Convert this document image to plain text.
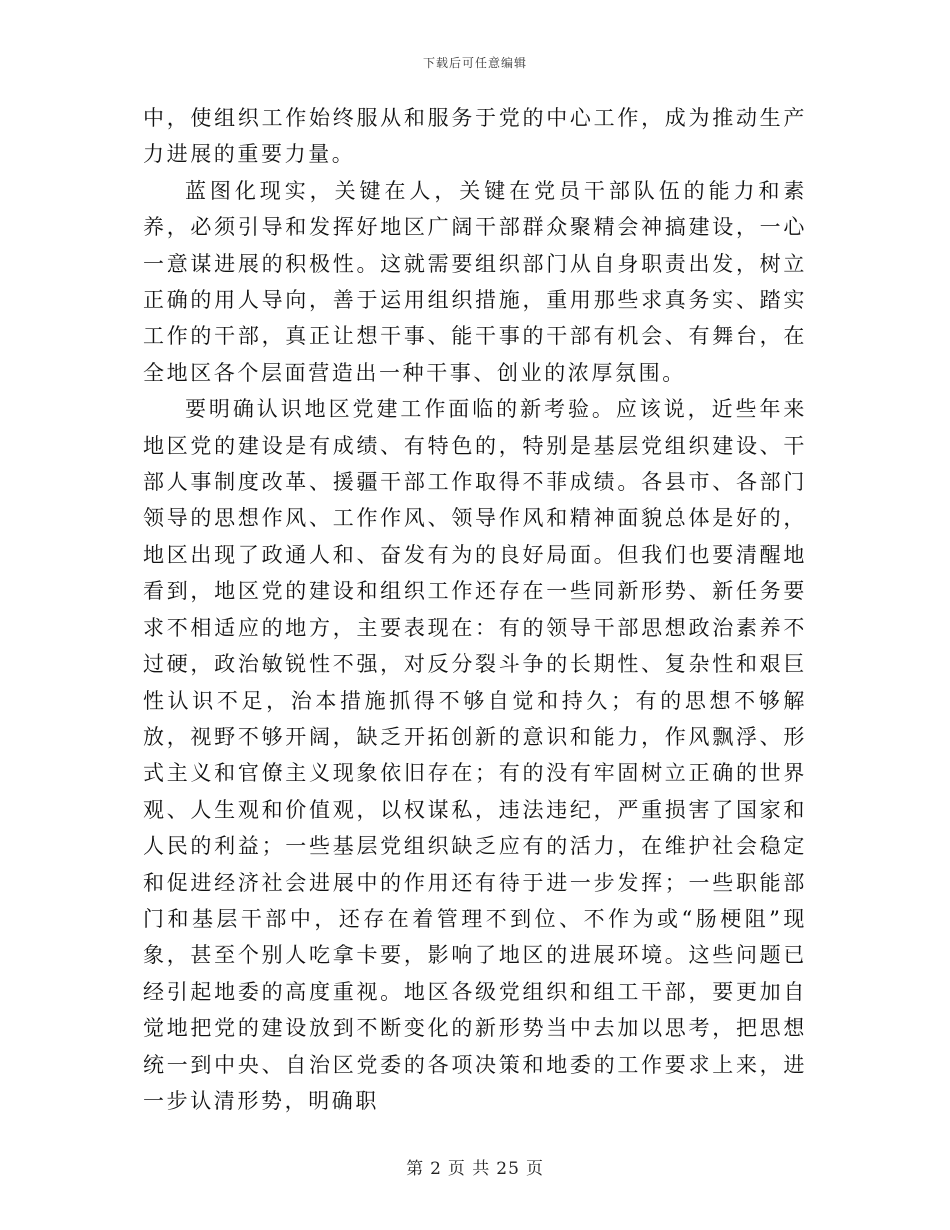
下载后可任意编辑

中，使组织工作始终服从和服务于党的中心工作，成为推动生产力进展的重要力量。

蓝图化现实，关键在人，关键在党员干部队伍的能力和素养，必须引导和发挥好地区广阔干部群众聚精会神搞建设，一心一意谋进展的积极性。这就需要组织部门从自身职责出发，树立正确的用人导向，善于运用组织措施，重用那些求真务实、踏实工作的干部，真正让想干事、能干事的干部有机会、有舞台，在全地区各个层面营造出一种干事、创业的浓厚氛围。

要明确认识地区党建工作面临的新考验。应该说，近些年来地区党的建设是有成绩、有特色的，特别是基层党组织建设、干部人事制度改革、援疆干部工作取得不菲成绩。各县市、各部门领导的思想作风、工作作风、领导作风和精神面貌总体是好的，地区出现了政通人和、奋发有为的良好局面。但我们也要清醒地看到，地区党的建设和组织工作还存在一些同新形势、新任务要求不相适应的地方，主要表现在：有的领导干部思想政治素养不过硬，政治敏锐性不强，对反分裂斗争的长期性、复杂性和艰巨性认识不足，治本措施抓得不够自觉和持久；有的思想不够解放，视野不够开阔，缺乏开拓创新的意识和能力，作风飘浮、形式主义和官僚主义现象依旧存在；有的没有牢固树立正确的世界观、人生观和价值观，以权谋私，违法违纪，严重损害了国家和人民的利益；一些基层党组织缺乏应有的活力，在维护社会稳定和促进经济社会进展中的作用还有待于进一步发挥；一些职能部门和基层干部中，还存在着管理不到位、不作为或“肠梗阻”现象，甚至个别人吃拿卡要，影响了地区的进展环境。这些问题已经引起地委的高度重视。地区各级党组织和组工干部，要更加自觉地把党的建设放到不断变化的新形势当中去加以思考，把思想统一到中央、自治区党委的各项决策和地委的工作要求上来，进一步认清形势，明确职

第 2 页 共 25 页
